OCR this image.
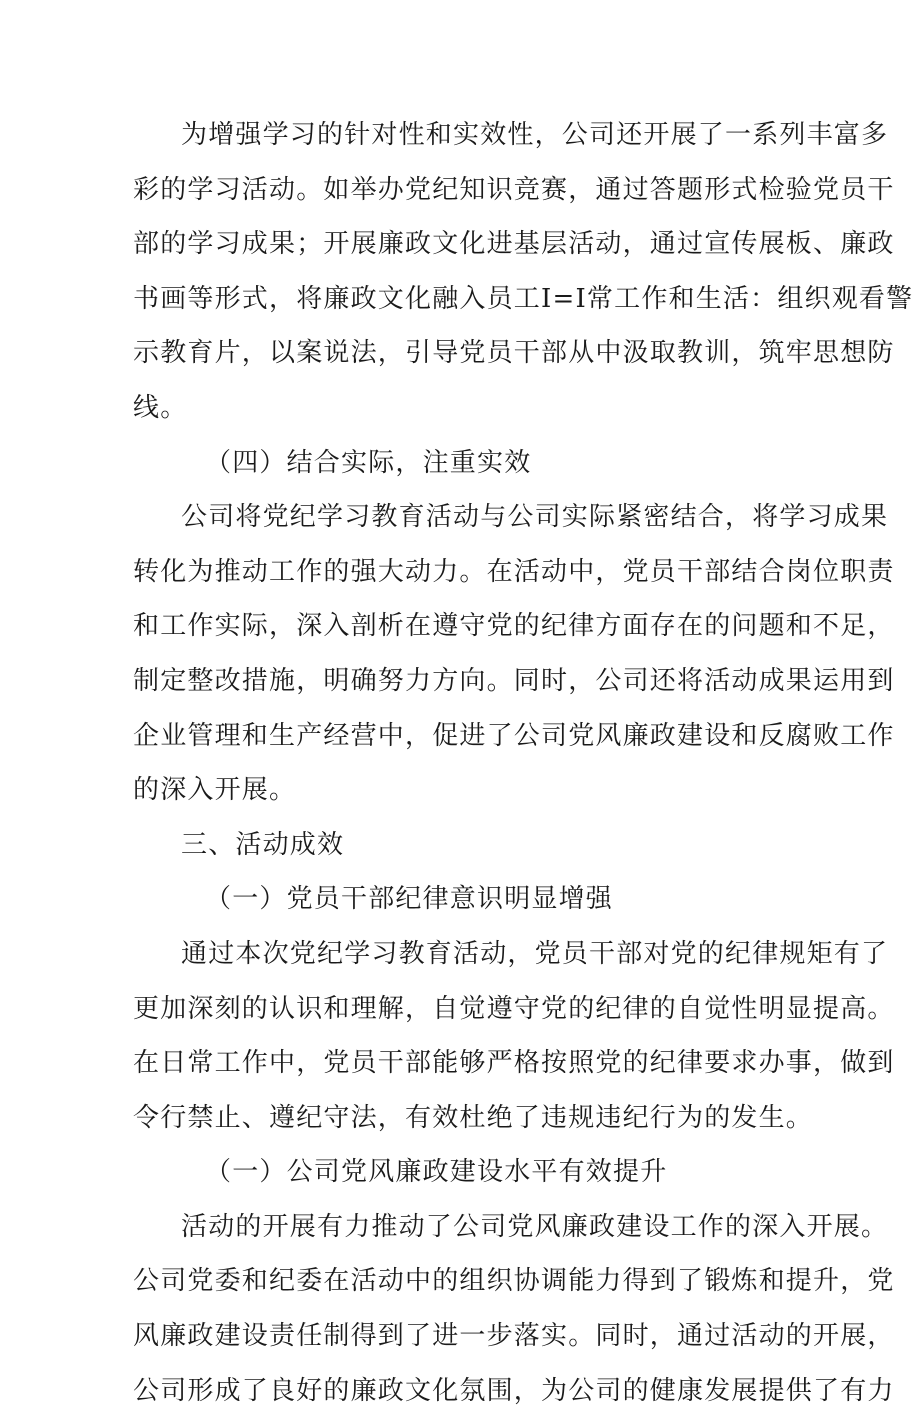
为增强学习的针对性和实效性，公司还开展了一系列丰富多
彩的学习活动。如举办党纪知识竞赛，通过答题形式检验党员干
部的学习成果；开展廉政文化进基层活动，通过宣传展板、廉政
书画等形式，将廉政文化融入员工I=I常工作和生活：组织观看警
示教育片，以案说法，引导党员干部从中汲取教训，筑牢思想防
线。
（四）结合实际，注重实效
公司将党纪学习教育活动与公司实际紧密结合，将学习成果
转化为推动工作的强大动力。在活动中，党员干部结合岗位职责
和工作实际，深入剖析在遵守党的纪律方面存在的问题和不足，
制定整改措施，明确努力方向。同时，公司还将活动成果运用到
企业管理和生产经营中，促进了公司党风廉政建设和反腐败工作
的深入开展。
三、活动成效
（一）党员干部纪律意识明显增强
通过本次党纪学习教育活动，党员干部对党的纪律规矩有了
更加深刻的认识和理解，自觉遵守党的纪律的自觉性明显提高。
在日常工作中，党员干部能够严格按照党的纪律要求办事，做到
令行禁止、遵纪守法，有效杜绝了违规违纪行为的发生。
（一）公司党风廉政建设水平有效提升
活动的开展有力推动了公司党风廉政建设工作的深入开展。
公司党委和纪委在活动中的组织协调能力得到了锻炼和提升，党
风廉政建设责任制得到了进一步落实。同时，通过活动的开展，
公司形成了良好的廉政文化氛围，为公司的健康发展提供了有力
